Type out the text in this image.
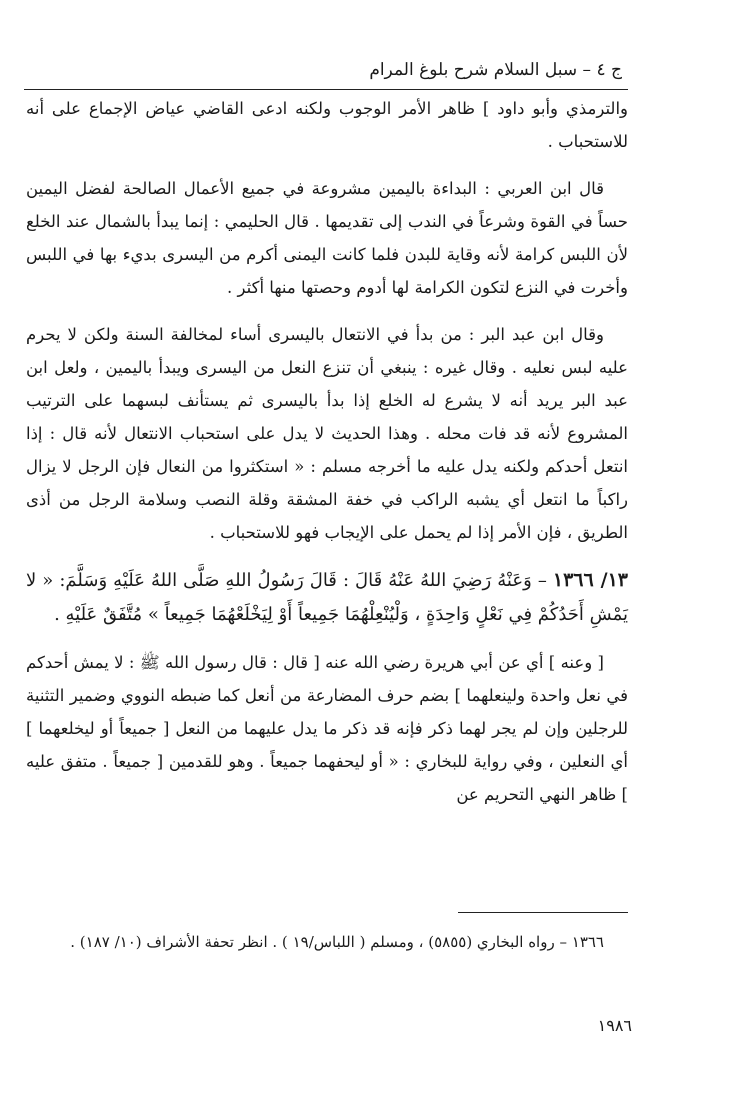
ج ٤ – سبل السلام شرح بلوغ المرام

والترمذي وأبو داود ] ظاهر الأمر الوجوب ولكنه ادعى القاضي عياض الإجماع على أنه للاستحباب .

قال ابن العربي : البداءة باليمين مشروعة في جميع الأعمال الصالحة لفضل اليمين حساً في القوة وشرعاً في الندب إلى تقديمها . قال الحليمي : إنما يبدأ بالشمال عند الخلع لأن اللبس كرامة لأنه وقاية للبدن فلما كانت اليمنى أكرم من اليسرى بديء بها في اللبس وأخرت في النزع لتكون الكرامة لها أدوم وحصتها منها أكثر .

وقال ابن عبد البر : من بدأ في الانتعال باليسرى أساء لمخالفة السنة ولكن لا يحرم عليه لبس نعليه . وقال غيره : ينبغي أن تنزع النعل من اليسرى ويبدأ باليمين ، ولعل ابن عبد البر يريد أنه لا يشرع له الخلع إذا بدأ باليسرى ثم يستأنف لبسهما على الترتيب المشروع لأنه قد فات محله . وهذا الحديث لا يدل على استحباب الانتعال لأنه قال : إذا انتعل أحدكم ولكنه يدل عليه ما أخرجه مسلم : « استكثروا من النعال فإن الرجل لا يزال راكباً ما انتعل أي يشبه الراكب في خفة المشقة وقلة النصب وسلامة الرجل من أذى الطريق ، فإن الأمر إذا لم يحمل على الإيجاب فهو للاستحباب .

١٣/ ١٣٦٦ – وَعَنْهُ رَضِيَ اللهُ عَنْهُ قَالَ : قَالَ رَسُولُ اللهِ صَلَّى اللهُ عَلَيْهِ وَسَلَّمَ: « لا يَمْشِ أَحَدُكُمْ فِي نَعْلٍ وَاحِدَةٍ ، وَلْيُنْعِلْهُمَا جَمِيعاً أَوْ لِيَخْلَعْهُمَا جَمِيعاً » مُتَّفَقٌ عَلَيْهِ .

[ وعنه ] أي عن أبي هريرة رضي الله عنه [ قال : قال رسول الله ﷺ : لا يمش أحدكم في نعل واحدة ولينعلهما ] بضم حرف المضارعة من أنعل كما ضبطه النووي وضمير التثنية للرجلين وإن لم يجر لهما ذكر فإنه قد ذكر ما يدل عليهما من النعل [ جميعاً أو ليخلعهما ] أي النعلين ، وفي رواية للبخاري : « أو ليحفهما جميعاً . وهو للقدمين [ جميعاً . متفق عليه ] ظاهر النهي التحريم عن

١٣٦٦ – رواه البخاري (٥٨٥٥) ، ومسلم ( اللباس/١٩ ) . انظر تحفة الأشراف (١٠/ ١٨٧) .

١٩٨٦
